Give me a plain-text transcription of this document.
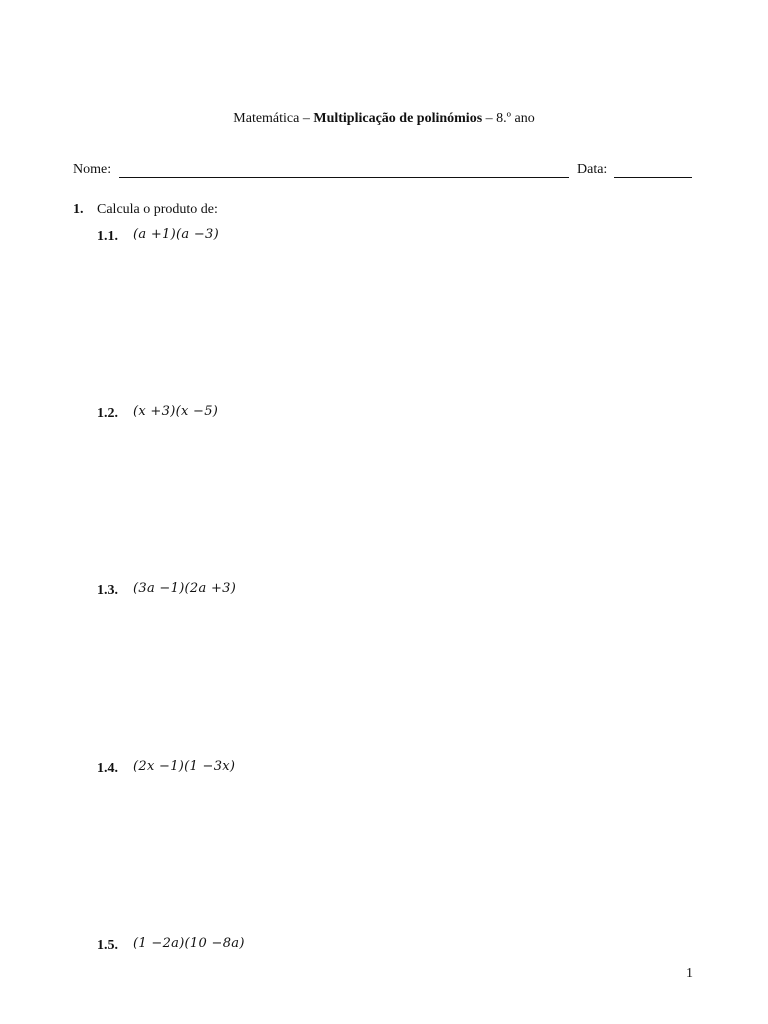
Matemática – Multiplicação de polinómios – 8.º ano
Nome:	Data:
1. Calcula o produto de:
1.1. (a +1)(a −3)
1.2. (x +3)(x −5)
1.3. (3a −1)(2a +3)
1.4. (2x −1)(1 −3x)
1.5. (1 −2a)(10 −8a)
1
